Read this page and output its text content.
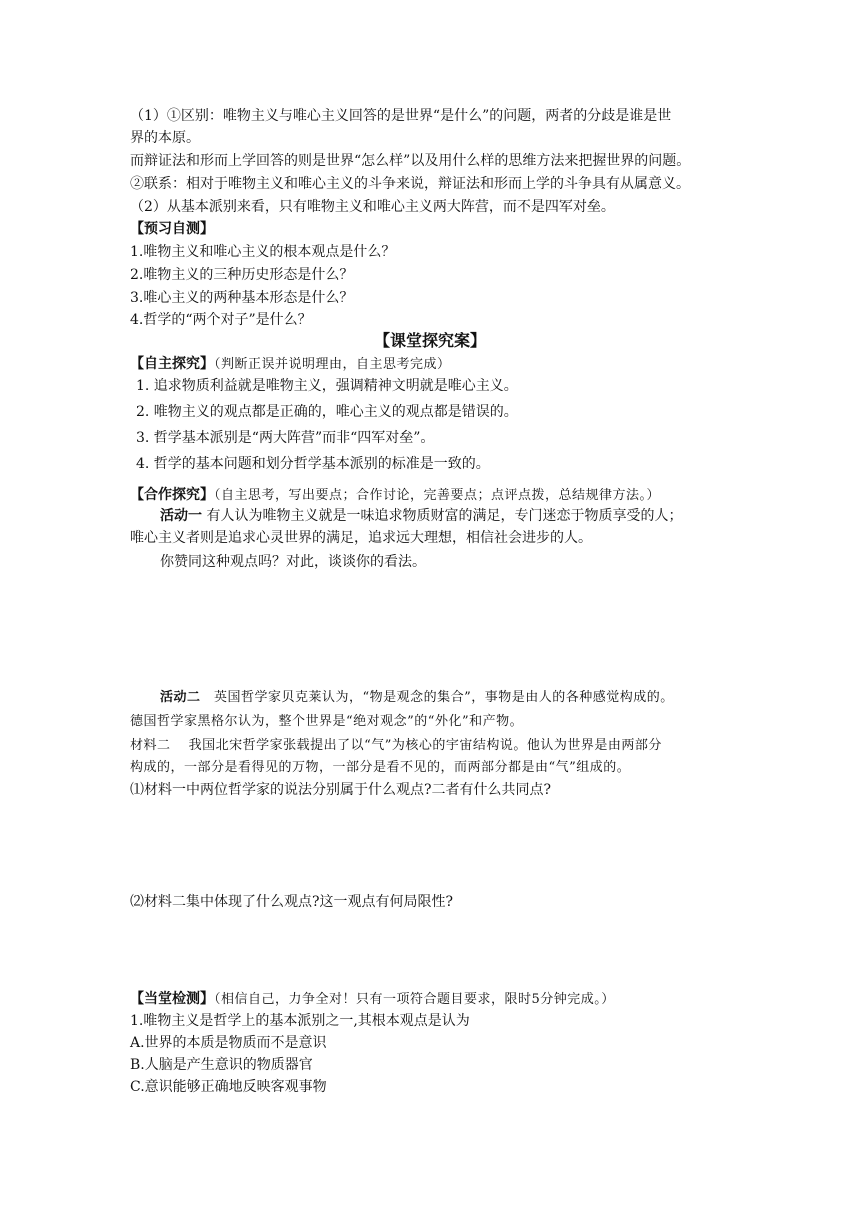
（1）①区别：唯物主义与唯心主义回答的是世界“是什么”的问题，两者的分歧是谁是世
界的本原。
而辩证法和形而上学回答的则是世界“怎么样”以及用什么样的思维方法来把握世界的问题。
②联系：相对于唯物主义和唯心主义的斗争来说，辩证法和形而上学的斗争具有从属意义。
（2）从基本派别来看，只有唯物主义和唯心主义两大阵营，而不是四军对垒。
【预习自测】
1.唯物主义和唯心主义的根本观点是什么？
2.唯物主义的三种历史形态是什么？
3.唯心主义的两种基本形态是什么？
4.哲学的“两个对子”是什么？
【课堂探究案】
【自主探究】（判断正误并说明理由，自主思考完成）
1. 追求物质利益就是唯物主义，强调精神文明就是唯心主义。
2. 唯物主义的观点都是正确的，唯心主义的观点都是错误的。
3. 哲学基本派别是“两大阵营”而非“四军对垒”。
4. 哲学的基本问题和划分哲学基本派别的标准是一致的。
【合作探究】（自主思考，写出要点；合作讨论，完善要点；点评点拨，总结规律方法。）
活动一 有人认为唯物主义就是一味追求物质财富的满足，专门迷恋于物质享受的人；
唯心主义者则是追求心灵世界的满足，追求远大理想，相信社会进步的人。
你赞同这种观点吗？对此，谈谈你的看法。
活动二　英国哲学家贝克莱认为，“物是观念的集合”，事物是由人的各种感觉构成的。
德国哲学家黑格尔认为，整个世界是“绝对观念”的“外化”和产物。
材料二　 我国北宋哲学家张载提出了以“气”为核心的宇宙结构说。他认为世界是由两部分
构成的，一部分是看得见的万物，一部分是看不见的，而两部分都是由“气”组成的。
⑴材料一中两位哲学家的说法分别属于什么观点?二者有什么共同点?
⑵材料二集中体现了什么观点?这一观点有何局限性?
【当堂检测】（相信自己，力争全对！只有一项符合题目要求，限时5分钟完成。）
1.唯物主义是哲学上的基本派别之一,其根本观点是认为
A.世界的本质是物质而不是意识
B.人脑是产生意识的物质器官
C.意识能够正确地反映客观事物
